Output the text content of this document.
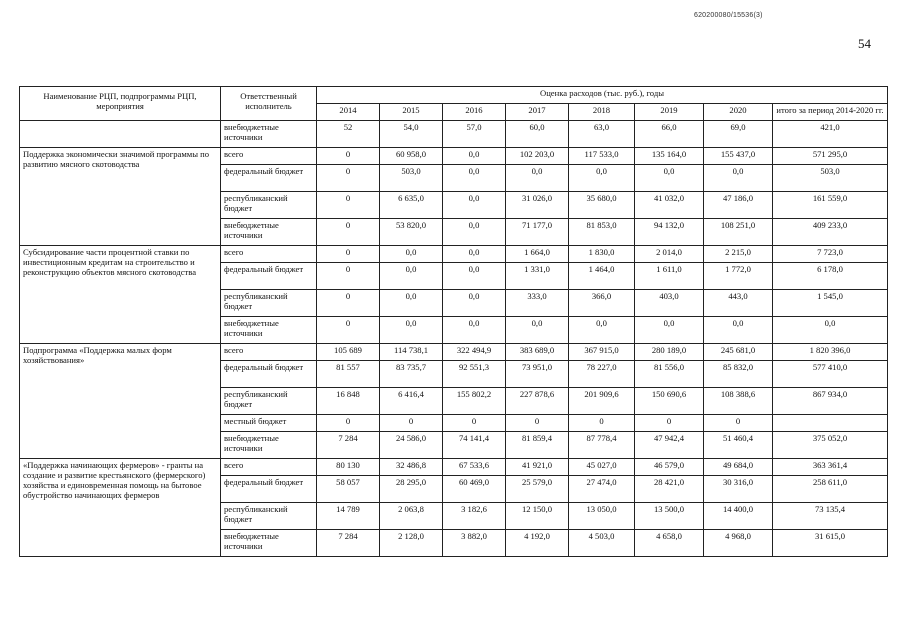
620200080/15536(3)
54
Наименование РЦП, подпрограммы РЦП, мероприятия	Ответственный исполнитель	Оценка расходов (тыс. руб.), годы							
		2014	2015	2016	2017	2018	2019	2020	итого за период 2014-2020 гг.
	внебюджетные источники	52	54,0	57,0	60,0	63,0	66,0	69,0	421,0
Поддержка экономически значимой программы по развитию мясного скотоводства	всего	0	60 958,0	0,0	102 203,0	117 533,0	135 164,0	155 437,0	571 295,0
	федеральный бюджет	0	503,0	0,0	0,0	0,0	0,0	0,0	503,0
	республиканский бюджет	0	6 635,0	0,0	31 026,0	35 680,0	41 032,0	47 186,0	161 559,0
	внебюджетные источники	0	53 820,0	0,0	71 177,0	81 853,0	94 132,0	108 251,0	409 233,0
Субсидирование части процентной ставки по инвестиционным кредитам на строительство и реконструкцию объектов мясного скотоводства	всего	0	0,0	0,0	1 664,0	1 830,0	2 014,0	2 215,0	7 723,0
	федеральный бюджет	0	0,0	0,0	1 331,0	1 464,0	1 611,0	1 772,0	6 178,0
	республиканский бюджет	0	0,0	0,0	333,0	366,0	403,0	443,0	1 545,0
	внебюджетные источники	0	0,0	0,0	0,0	0,0	0,0	0,0	0,0
Подпрограмма «Поддержка малых форм хозяйствования»	всего	105 689	114 738,1	322 494,9	383 689,0	367 915,0	280 189,0	245 681,0	1 820 396,0
	федеральный бюджет	81 557	83 735,7	92 551,3	73 951,0	78 227,0	81 556,0	85 832,0	577 410,0
	республиканский бюджет	16 848	6 416,4	155 802,2	227 878,6	201 909,6	150 690,6	108 388,6	867 934,0
	местный бюджет	0	0	0	0	0	0	0	
	внебюджетные источники	7 284	24 586,0	74 141,4	81 859,4	87 778,4	47 942,4	51 460,4	375 052,0
«Поддержка начинающих фермеров» - гранты на создание и развитие крестьянского (фермерского) хозяйства и единовременная помощь на бытовое обустройство начинающих фермеров	всего	80 130	32 486,8	67 533,6	41 921,0	45 027,0	46 579,0	49 684,0	363 361,4
	федеральный бюджет	58 057	28 295,0	60 469,0	25 579,0	27 474,0	28 421,0	30 316,0	258 611,0
	республиканский бюджет	14 789	2 063,8	3 182,6	12 150,0	13 050,0	13 500,0	14 400,0	73 135,4
	внебюджетные источники	7 284	2 128,0	3 882,0	4 192,0	4 503,0	4 658,0	4 968,0	31 615,0
